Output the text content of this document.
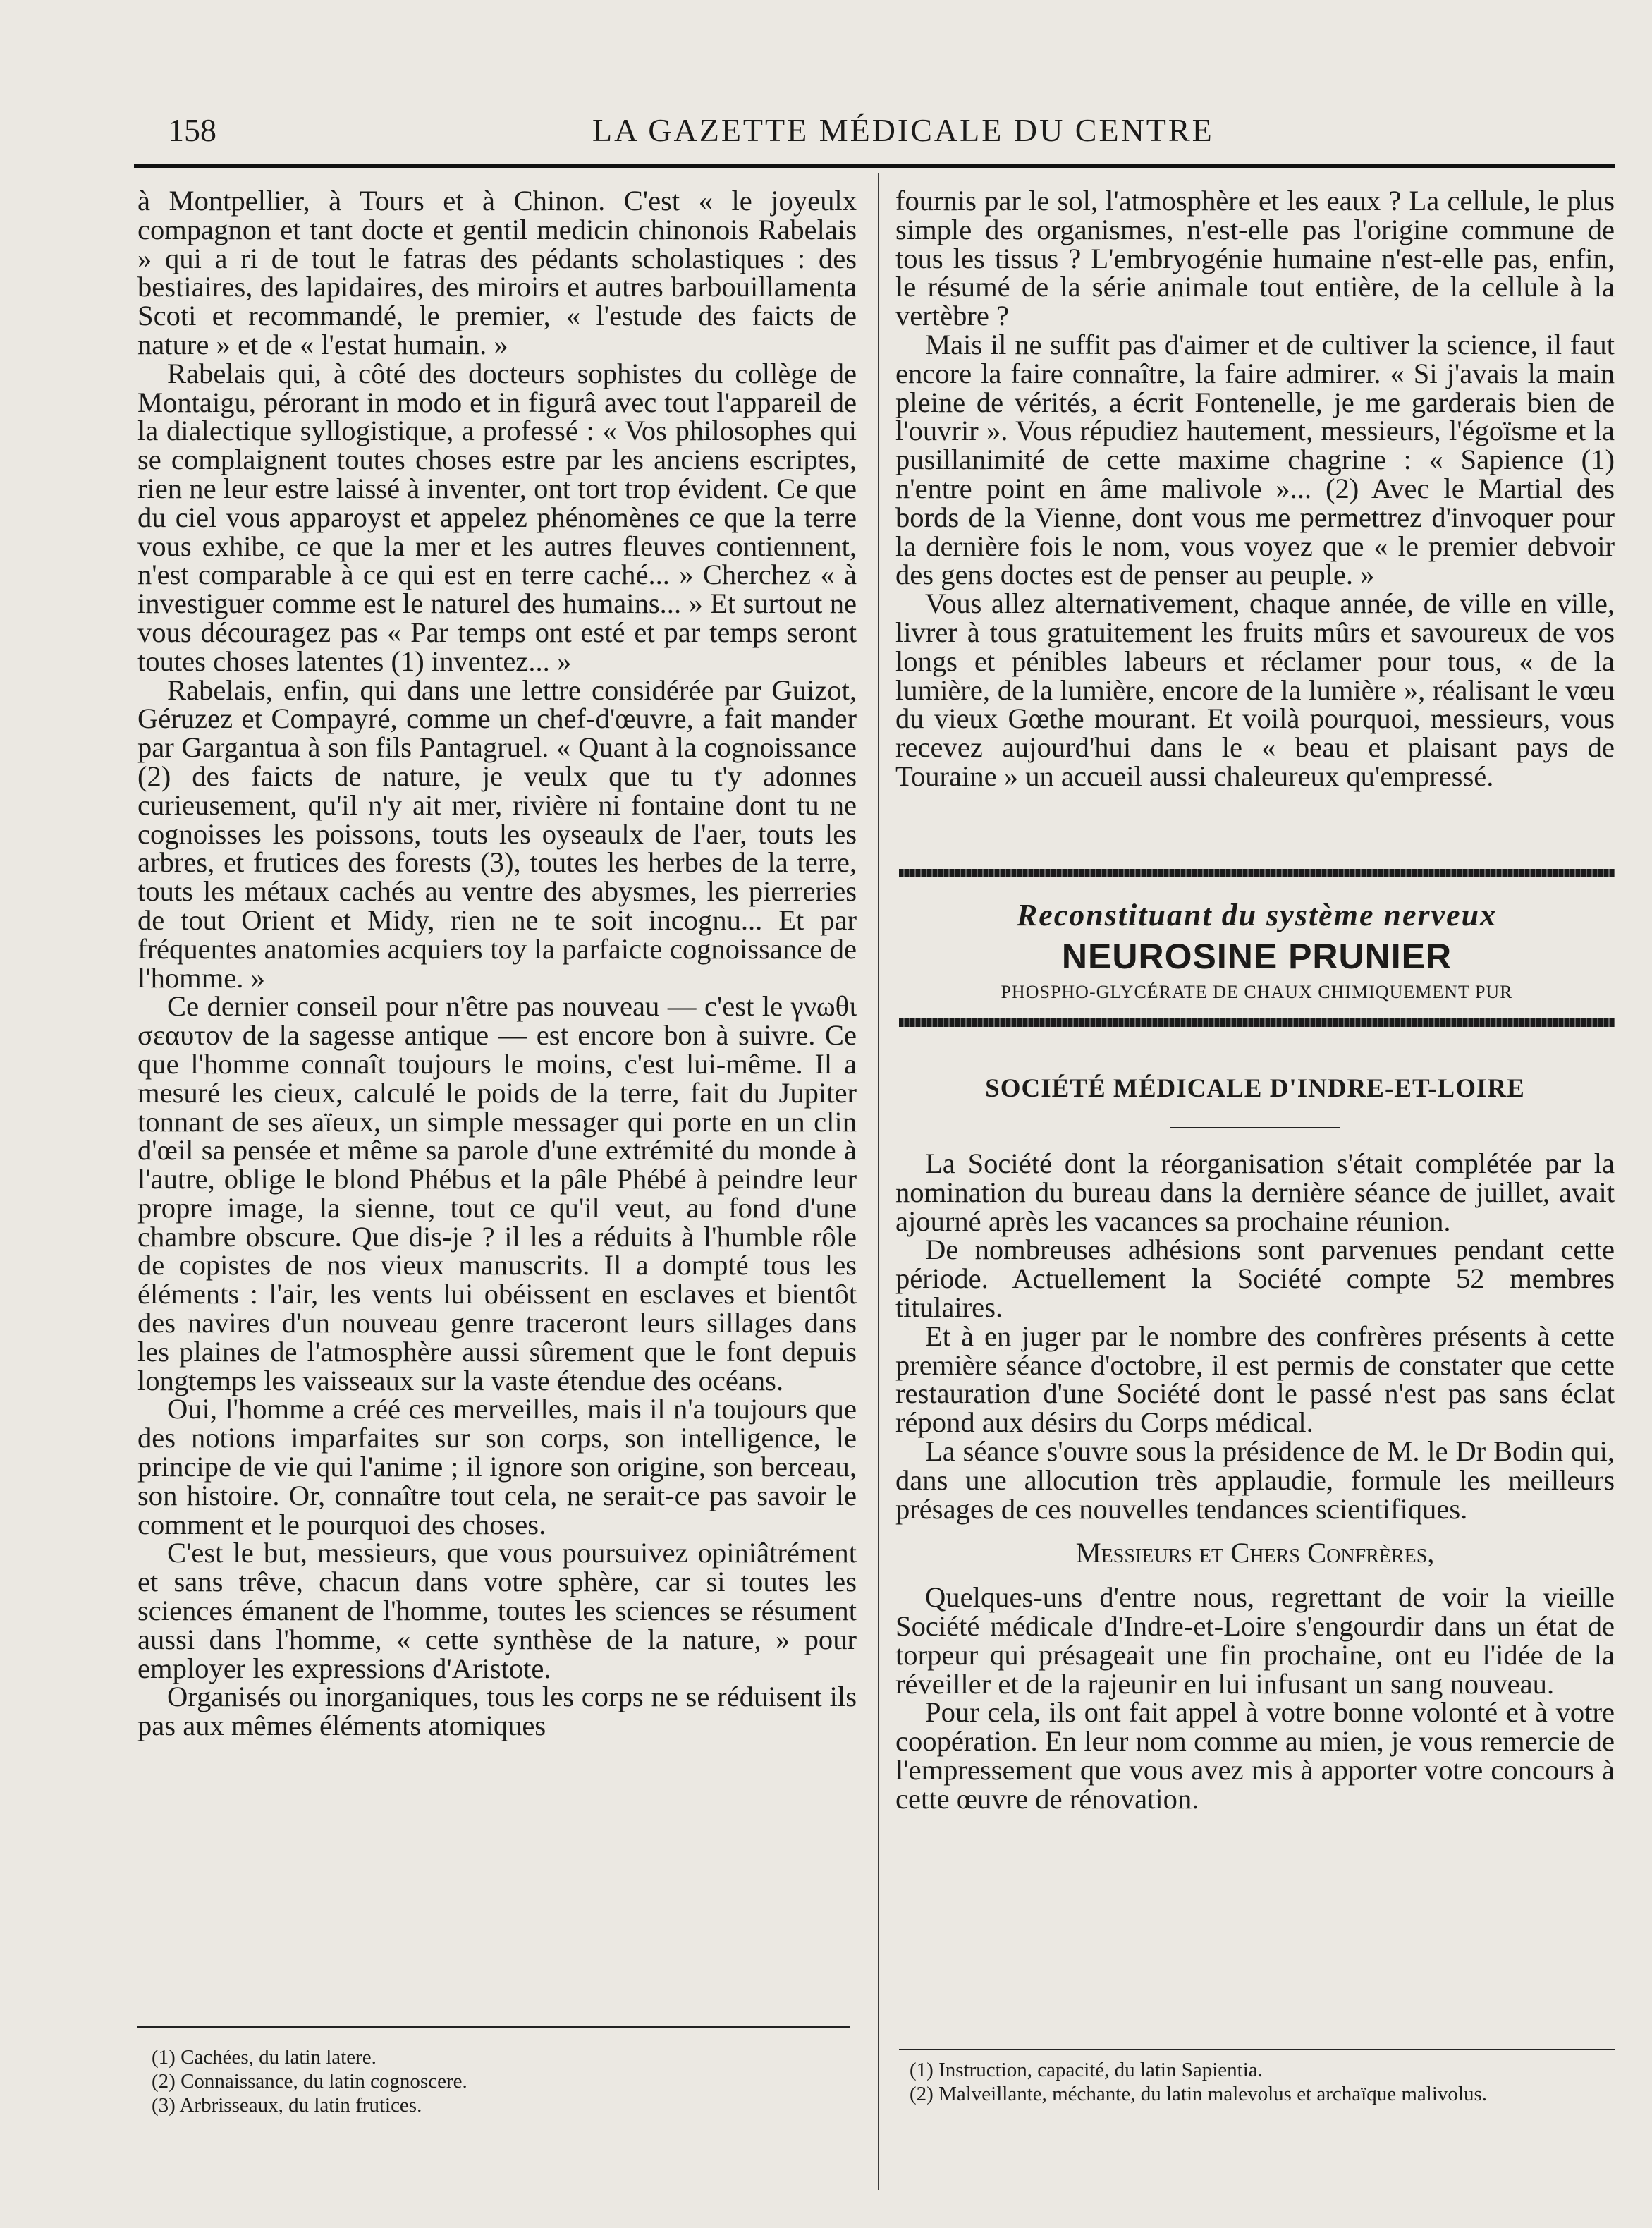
158	LA GAZETTE MÉDICALE DU CENTRE

à Montpellier, à Tours et à Chinon. C'est « le joyeulx compagnon et tant docte et gentil medicin chinonois Rabelais » qui a ri de tout le fatras des pédants scholastiques : des bestiaires, des lapidaires, des miroirs et autres barbouillamenta Scoti et recommandé, le premier, « l'estude des faicts de nature » et de « l'estat humain. »

Rabelais qui, à côté des docteurs sophistes du collège de Montaigu, pérorant in modo et in figurâ avec tout l'appareil de la dialectique syllogistique, a professé : « Vos philosophes qui se complaignent toutes choses estre par les anciens escriptes, rien ne leur estre laissé à inventer, ont tort trop évident. Ce que du ciel vous apparoyst et appelez phénomènes ce que la terre vous exhibe, ce que la mer et les autres fleuves contiennent, n'est comparable à ce qui est en terre caché... » Cherchez « à investiguer comme est le naturel des humains... » Et surtout ne vous découragez pas « Par temps ont esté et par temps seront toutes choses latentes (1) inventez... »

Rabelais, enfin, qui dans une lettre considérée par Guizot, Géruzez et Compayré, comme un chef-d'œuvre, a fait mander par Gargantua à son fils Pantagruel. « Quant à la cognoissance (2) des faicts de nature, je veulx que tu t'y adonnes curieusement, qu'il n'y ait mer, rivière ni fontaine dont tu ne cognoisses les poissons, touts les oyseaulx de l'aer, touts les arbres, et frutices des forests (3), toutes les herbes de la terre, touts les métaux cachés au ventre des abysmes, les pierreries de tout Orient et Midy, rien ne te soit incognu... Et par fréquentes anatomies acquiers toy la parfaicte cognoissance de l'homme. »

Ce dernier conseil pour n'être pas nouveau — c'est le γνωθι σεαυτον de la sagesse antique — est encore bon à suivre. Ce que l'homme connaît toujours le moins, c'est lui-même. Il a mesuré les cieux, calculé le poids de la terre, fait du Jupiter tonnant de ses aïeux, un simple messager qui porte en un clin d'œil sa pensée et même sa parole d'une extrémité du monde à l'autre, oblige le blond Phébus et la pâle Phébé à peindre leur propre image, la sienne, tout ce qu'il veut, au fond d'une chambre obscure. Que dis-je ? il les a réduits à l'humble rôle de copistes de nos vieux manuscrits. Il a dompté tous les éléments : l'air, les vents lui obéissent en esclaves et bientôt des navires d'un nouveau genre traceront leurs sillages dans les plaines de l'atmosphère aussi sûrement que le font depuis longtemps les vaisseaux sur la vaste étendue des océans.

Oui, l'homme a créé ces merveilles, mais il n'a toujours que des notions imparfaites sur son corps, son intelligence, le principe de vie qui l'anime ; il ignore son origine, son berceau, son histoire. Or, connaître tout cela, ne serait-ce pas savoir le comment et le pourquoi des choses.

C'est le but, messieurs, que vous poursuivez opiniâtrément et sans trêve, chacun dans votre sphère, car si toutes les sciences émanent de l'homme, toutes les sciences se résument aussi dans l'homme, « cette synthèse de la nature, » pour employer les expressions d'Aristote.

Organisés ou inorganiques, tous les corps ne se réduisent ils pas aux mêmes éléments atomiques

fournis par le sol, l'atmosphère et les eaux ? La cellule, le plus simple des organismes, n'est-elle pas l'origine commune de tous les tissus ? L'embryogénie humaine n'est-elle pas, enfin, le résumé de la série animale tout entière, de la cellule à la vertèbre ?

Mais il ne suffit pas d'aimer et de cultiver la science, il faut encore la faire connaître, la faire admirer. « Si j'avais la main pleine de vérités, a écrit Fontenelle, je me garderais bien de l'ouvrir ». Vous répudiez hautement, messieurs, l'égoïsme et la pusillanimité de cette maxime chagrine : « Sapience (1) n'entre point en âme malivole »... (2) Avec le Martial des bords de la Vienne, dont vous me permettrez d'invoquer pour la dernière fois le nom, vous voyez que « le premier debvoir des gens doctes est de penser au peuple. »

Vous allez alternativement, chaque année, de ville en ville, livrer à tous gratuitement les fruits mûrs et savoureux de vos longs et pénibles labeurs et réclamer pour tous, « de la lumière, de la lumière, encore de la lumière », réalisant le vœu du vieux Gœthe mourant. Et voilà pourquoi, messieurs, vous recevez aujourd'hui dans le « beau et plaisant pays de Touraine » un accueil aussi chaleureux qu'empressé.

Reconstituant du système nerveux
NEUROSINE PRUNIER
PHOSPHO-GLYCÉRATE DE CHAUX CHIMIQUEMENT PUR
SOCIÉTÉ MÉDICALE D'INDRE-ET-LOIRE

La Société dont la réorganisation s'était complétée par la nomination du bureau dans la dernière séance de juillet, avait ajourné après les vacances sa prochaine réunion.

De nombreuses adhésions sont parvenues pendant cette période. Actuellement la Société compte 52 membres titulaires.

Et à en juger par le nombre des confrères présents à cette première séance d'octobre, il est permis de constater que cette restauration d'une Société dont le passé n'est pas sans éclat répond aux désirs du Corps médical.

La séance s'ouvre sous la présidence de M. le Dr Bodin qui, dans une allocution très applaudie, formule les meilleurs présages de ces nouvelles tendances scientifiques.

Messieurs et Chers Confrères,

Quelques-uns d'entre nous, regrettant de voir la vieille Société médicale d'Indre-et-Loire s'engourdir dans un état de torpeur qui présageait une fin prochaine, ont eu l'idée de la réveiller et de la rajeunir en lui infusant un sang nouveau.

Pour cela, ils ont fait appel à votre bonne volonté et à votre coopération. En leur nom comme au mien, je vous remercie de l'empressement que vous avez mis à apporter votre concours à cette œuvre de rénovation.

(1) Cachées, du latin latere.

(2) Connaissance, du latin cognoscere.

(3) Arbrisseaux, du latin frutices.

(1) Instruction, capacité, du latin Sapientia.

(2) Malveillante, méchante, du latin malevolus et archaïque malivolus.
